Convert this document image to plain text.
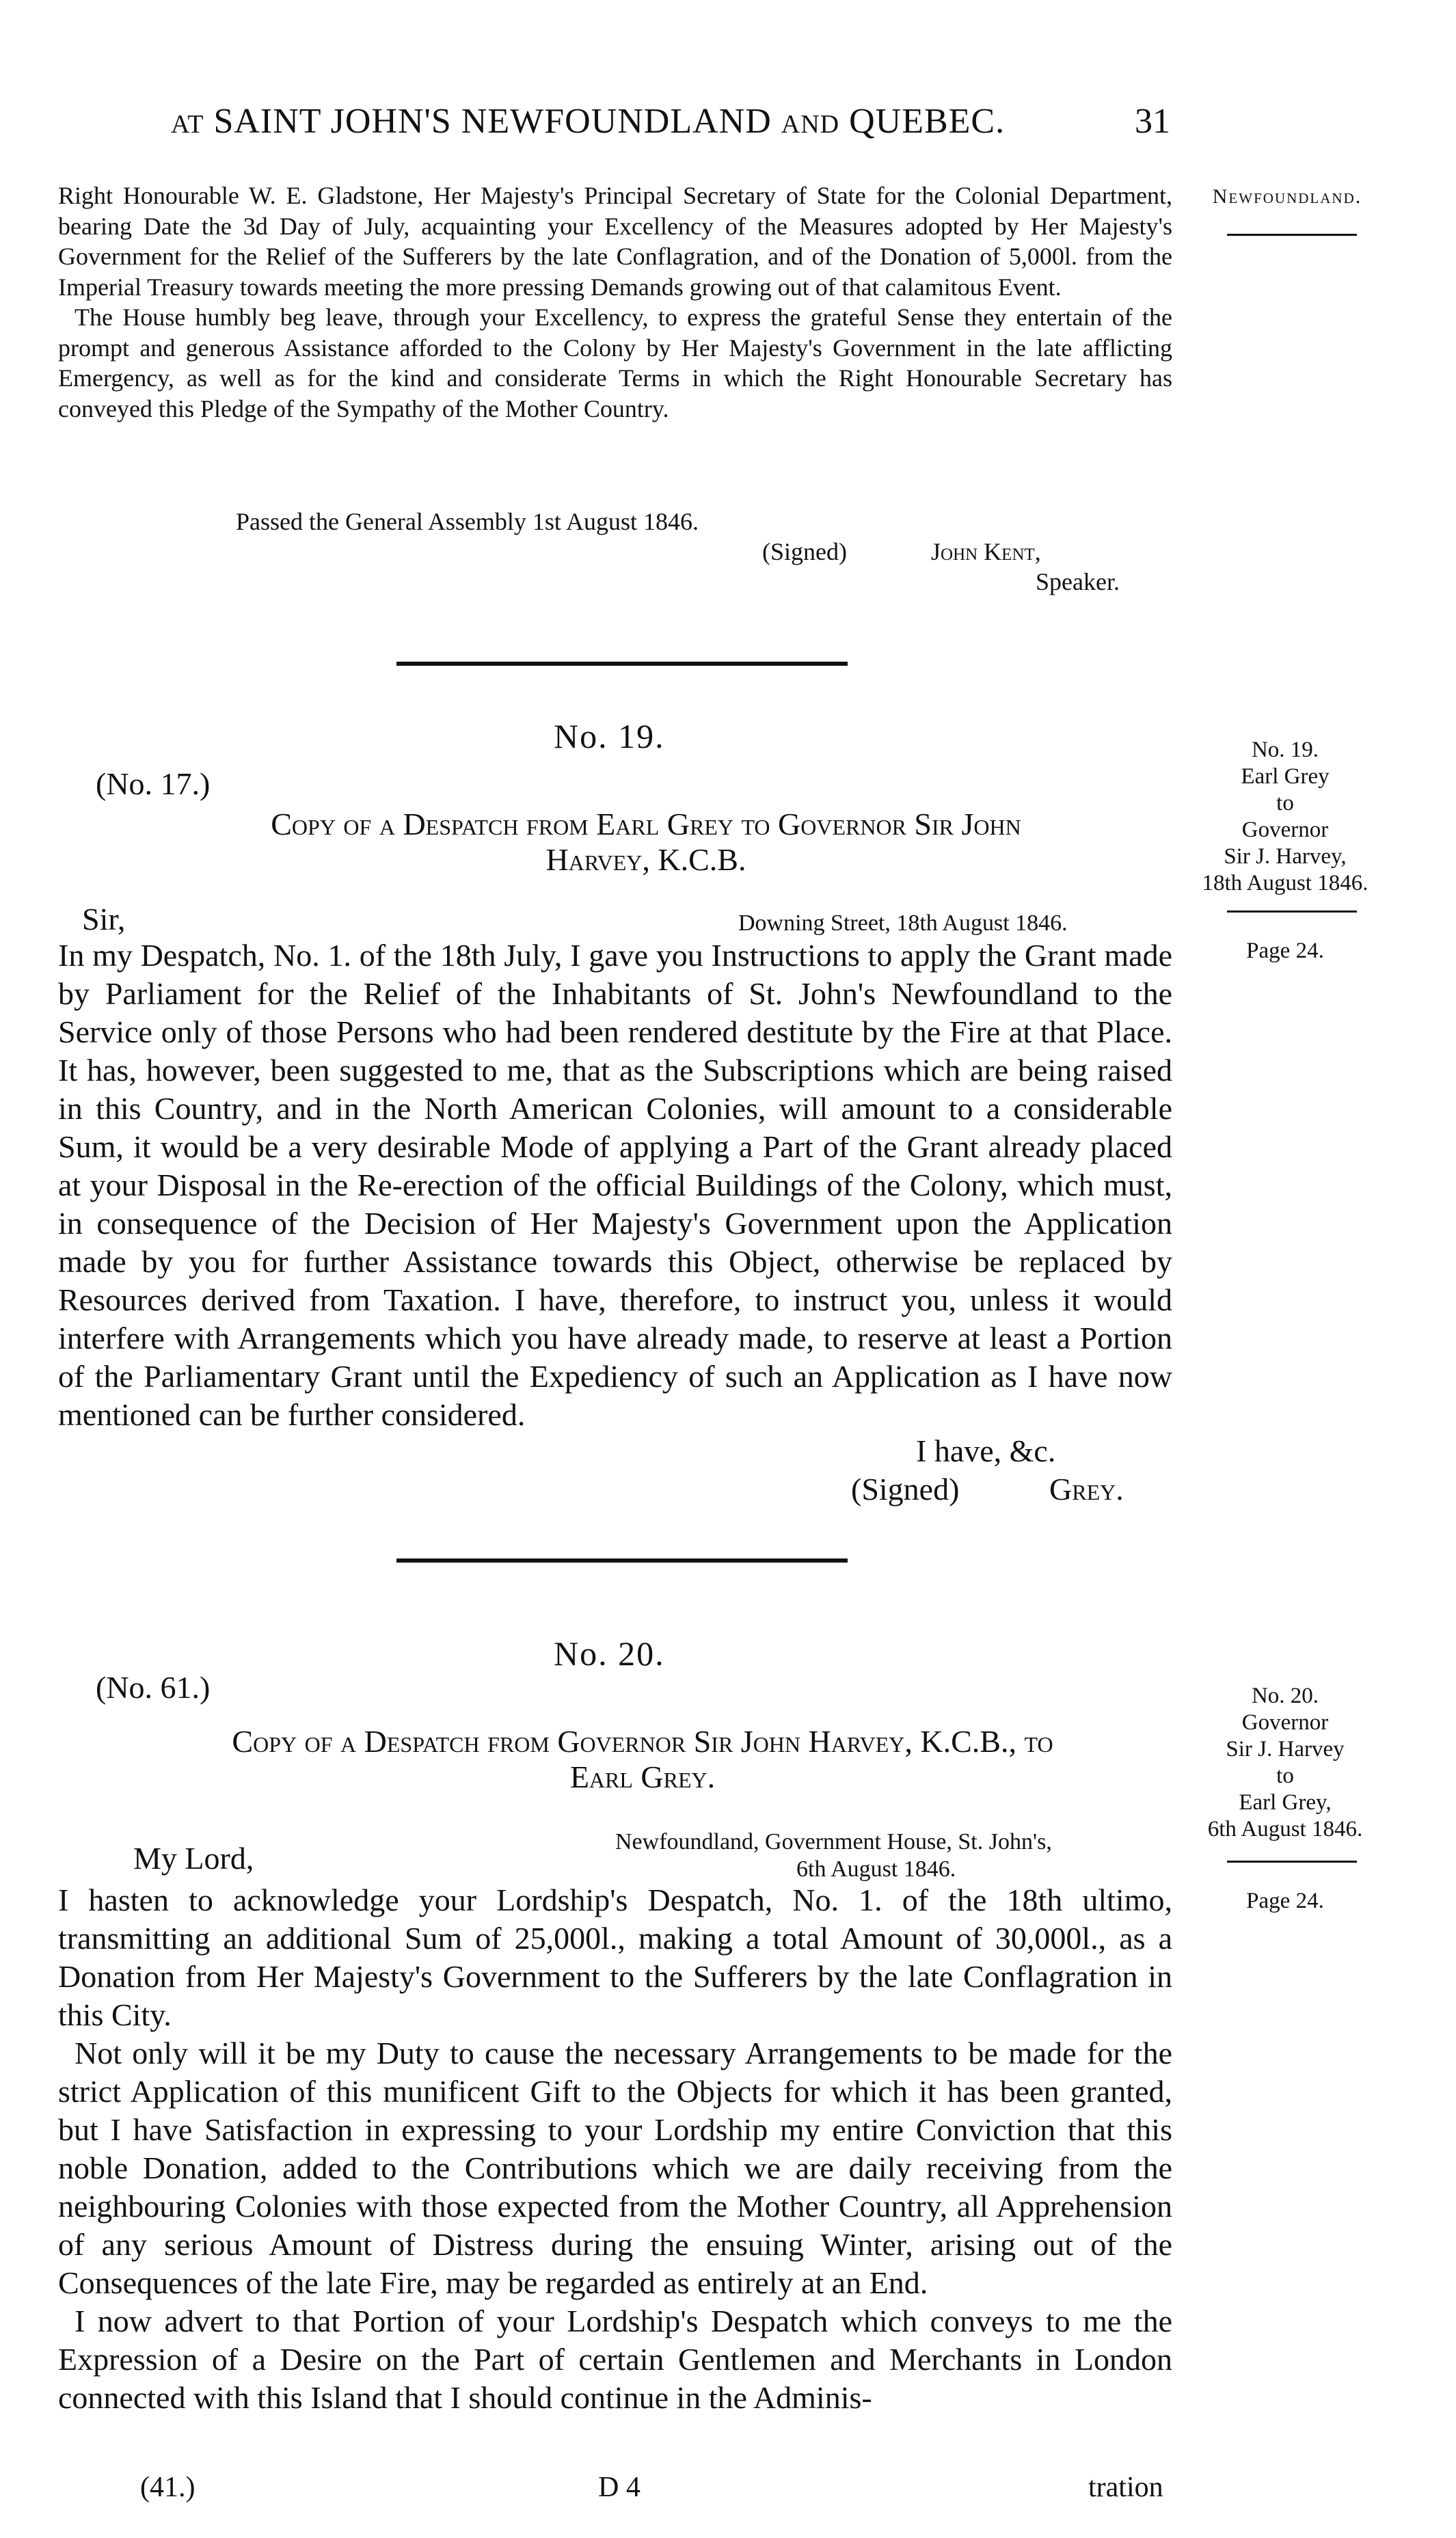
AT SAINT JOHN'S NEWFOUNDLAND AND QUEBEC.	31
Newfoundland.

Right Honourable W. E. Gladstone, Her Majesty's Principal Secretary of State for the Colonial Department, bearing Date the 3d Day of July, acquainting your Excellency of the Measures adopted by Her Majesty's Government for the Relief of the Sufferers by the late Conflagration, and of the Donation of 5,000l. from the Imperial Treasury towards meeting the more pressing Demands growing out of that calamitous Event.

The House humbly beg leave, through your Excellency, to express the grateful Sense they entertain of the prompt and generous Assistance afforded to the Colony by Her Majesty's Government in the late afflicting Emergency, as well as for the kind and considerate Terms in which the Right Honourable Secretary has conveyed this Pledge of the Sympathy of the Mother Country.

Passed the General Assembly 1st August 1846.
(Signed)	John Kent,
Speaker.
No. 19.
(No. 17.)
Copy of a Despatch from Earl Grey to Governor Sir John
Harvey, K.C.B.
Sir,	Downing Street, 18th August 1846.

In my Despatch, No. 1. of the 18th July, I gave you Instructions to apply the Grant made by Parliament for the Relief of the Inhabitants of St. John's Newfoundland to the Service only of those Persons who had been rendered destitute by the Fire at that Place. It has, however, been suggested to me, that as the Subscriptions which are being raised in this Country, and in the North American Colonies, will amount to a considerable Sum, it would be a very desirable Mode of applying a Part of the Grant already placed at your Disposal in the Re-erection of the official Buildings of the Colony, which must, in consequence of the Decision of Her Majesty's Government upon the Application made by you for further Assistance towards this Object, otherwise be replaced by Resources derived from Taxation. I have, therefore, to instruct you, unless it would interfere with Arrangements which you have already made, to reserve at least a Portion of the Parliamentary Grant until the Expediency of such an Application as I have now mentioned can be further considered.

I have, &c.
(Signed)	Grey.
No. 19.
Earl Grey
to
Governor
Sir J. Harvey,
18th August 1846.
Page 24.
No. 20.
(No. 61.)
Copy of a Despatch from Governor Sir John Harvey, K.C.B., to
Earl Grey.
My Lord,	Newfoundland, Government House, St. John's,
6th August 1846.

I hasten to acknowledge your Lordship's Despatch, No. 1. of the 18th ultimo, transmitting an additional Sum of 25,000l., making a total Amount of 30,000l., as a Donation from Her Majesty's Government to the Sufferers by the late Conflagration in this City.

Not only will it be my Duty to cause the necessary Arrangements to be made for the strict Application of this munificent Gift to the Objects for which it has been granted, but I have Satisfaction in expressing to your Lordship my entire Conviction that this noble Donation, added to the Contributions which we are daily receiving from the neighbouring Colonies with those expected from the Mother Country, all Apprehension of any serious Amount of Distress during the ensuing Winter, arising out of the Consequences of the late Fire, may be regarded as entirely at an End.

I now advert to that Portion of your Lordship's Despatch which conveys to me the Expression of a Desire on the Part of certain Gentlemen and Merchants in London connected with this Island that I should continue in the Adminis-

No. 20.
Governor
Sir J. Harvey
to
Earl Grey,
6th August 1846.
Page 24.
(41.)	D 4	tration
